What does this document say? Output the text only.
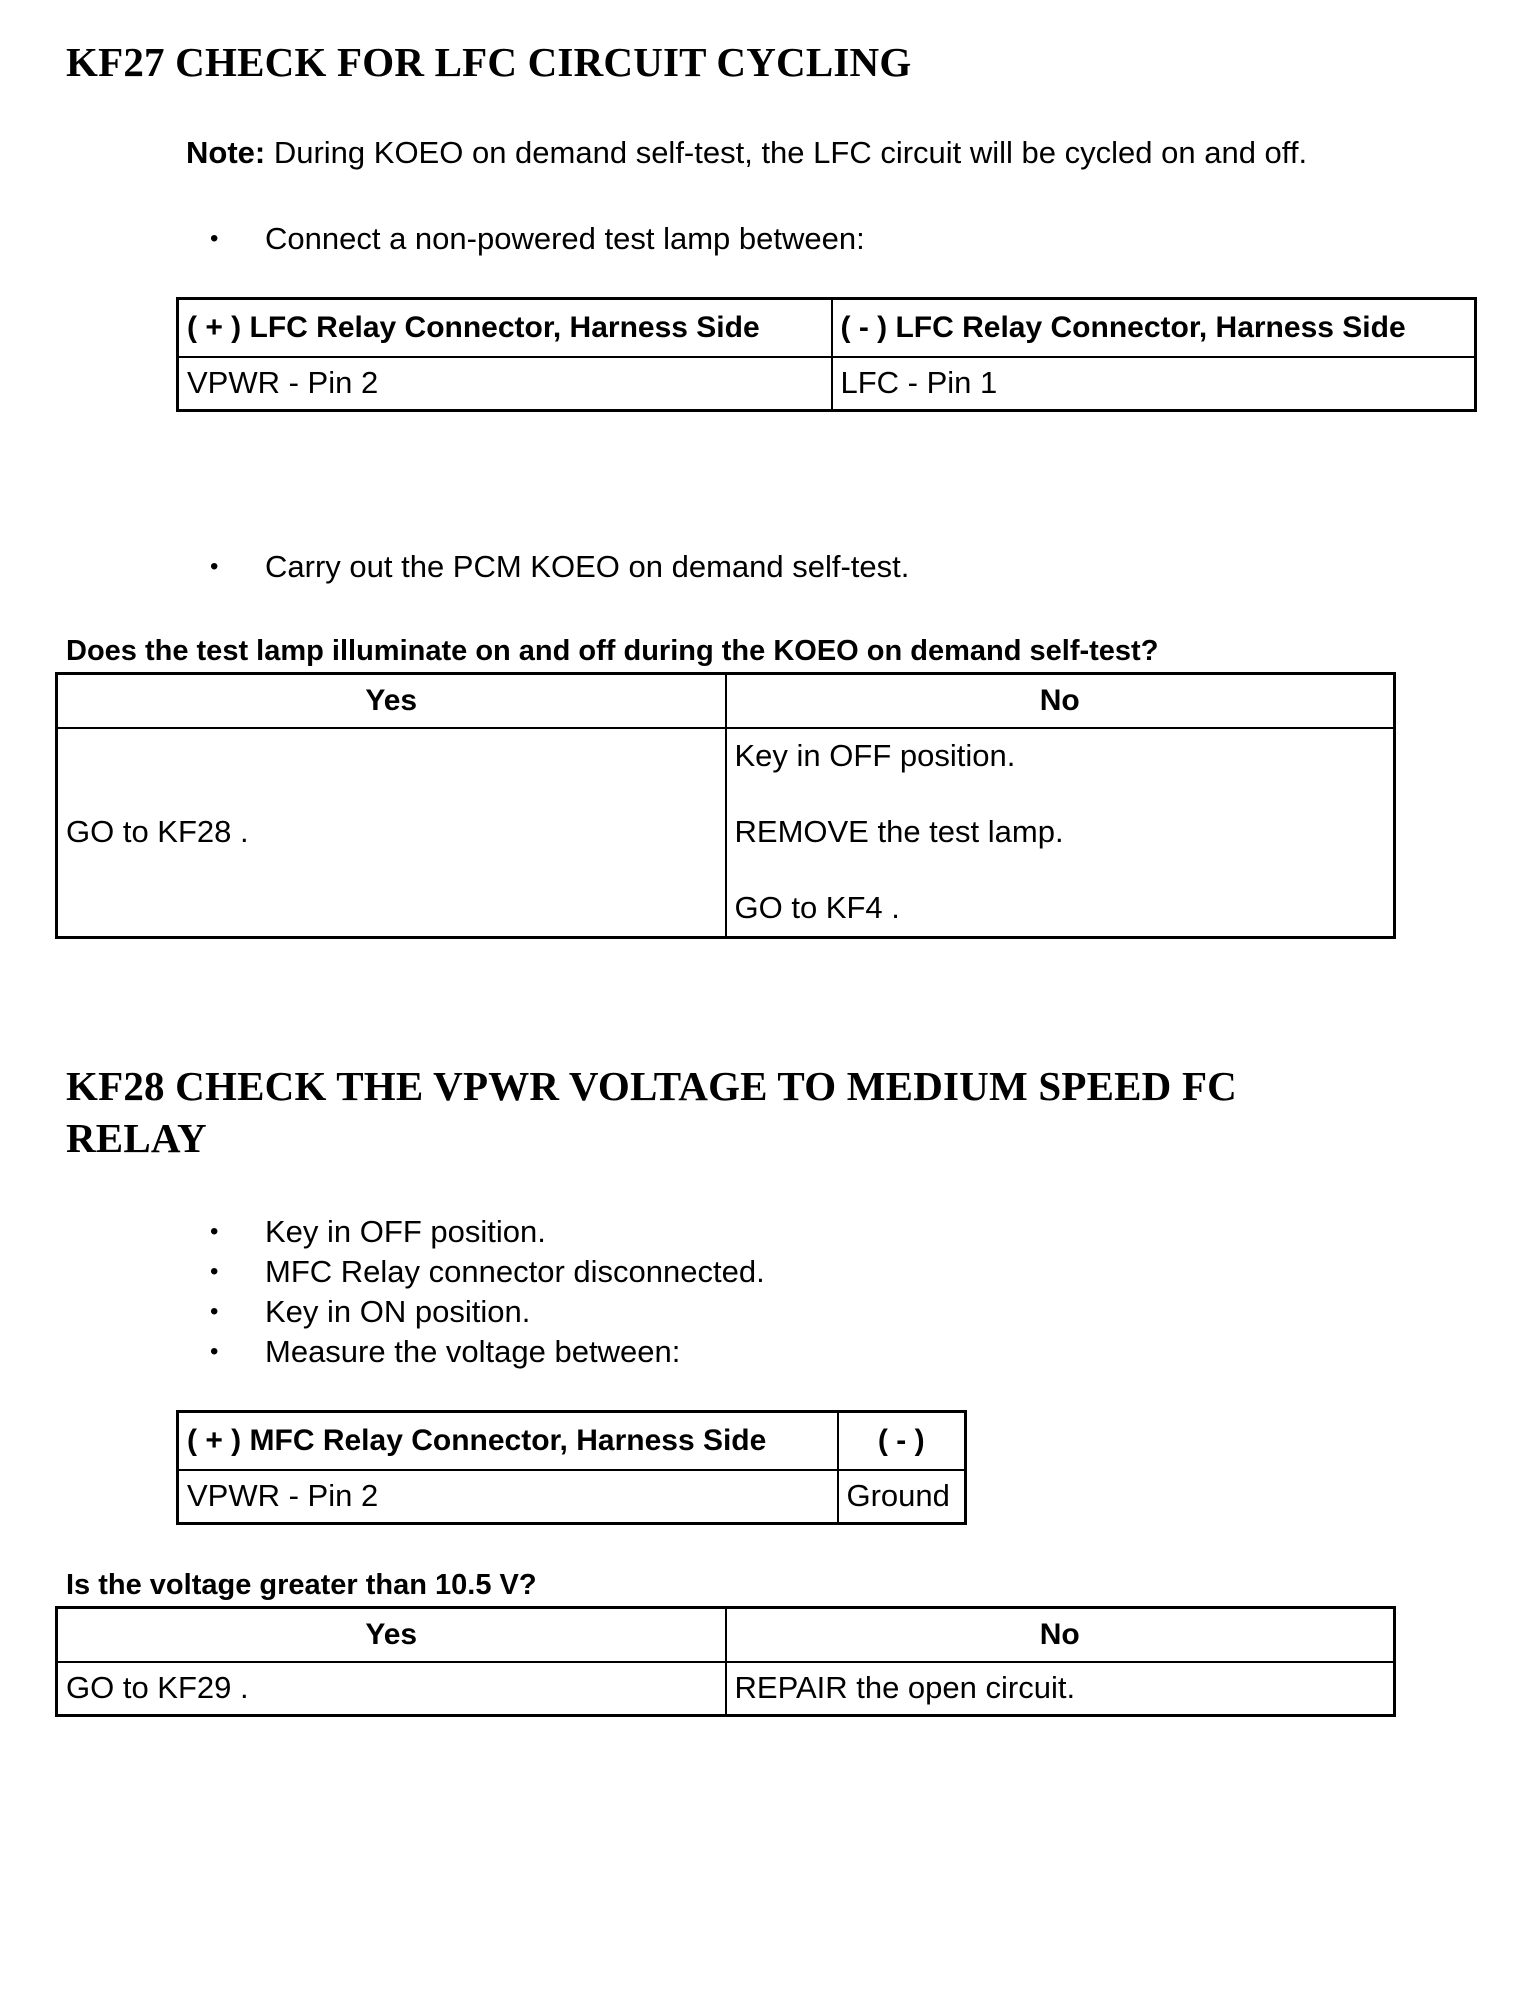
KF27 CHECK FOR LFC CIRCUIT CYCLING
Note: During KOEO on demand self-test, the LFC circuit will be cycled on and off.
• Connect a non-powered test lamp between:
( + ) LFC Relay Connector, Harness Side	( - ) LFC Relay Connector, Harness Side
VPWR - Pin 2	LFC - Pin 1
• Carry out the PCM KOEO on demand self-test.
Does the test lamp illuminate on and off during the KOEO on demand self-test?
Yes	No
GO to KF28 .	Key in OFF position.

REMOVE the test lamp.

GO to KF4 .

KF28 CHECK THE VPWR VOLTAGE TO MEDIUM SPEED FC
RELAY
• Key in OFF position.
• MFC Relay connector disconnected.
• Key in ON position.
• Measure the voltage between:
( + ) MFC Relay Connector, Harness Side	( - )
VPWR - Pin 2	Ground
Is the voltage greater than 10.5 V?
Yes	No
GO to KF29 .	REPAIR the open circuit.
